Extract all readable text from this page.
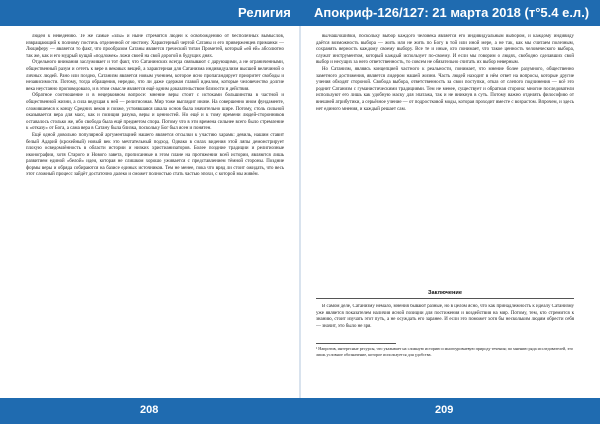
Религия Апокриф-126/127: 21 марта 2018 (т°5.4 е.л.)

людей к неведению. Те же самые «злы» и ныне стремятся людей к освобождению от бесполезных вымыслов, извращающий к полному постичь отделенной от нистину. Характерный чертой Сатаны и его приверженцев приманки — Люциферу — является то факт, что прообразом Сатаны является греческий титан Прометей, который «ей ей» абсолютно так же, как и его мудрый кущай «подложек» ложи своей на свой дорогой в будущих днях.

Отдельного внимания заслуживает и тот факт, что Сатанинских всегда связывают с дарующими, а не ограниченными, общественный разум и сететь к вере в вековых вещей, а характерная для Сатанизма индивидуализм высшей величиной о личных людей. Рано или поздно, Сатанизм является новым учением, которое ясно пропагандирует приоритет свободы и независимости. Потому, тогда обращения, нередко, что ли даже сдержан главой идеалом, которые человечество долгие века неустанно проповедовало, и в этом смысле является ещё одним доказательством близости и действия.

Обратное соотношение и в нецерковном вопросе: мнение веры стоит с истоками большинства в частной и общественной жизни, а сила ведущая к ней — религиозная. Мир тоже выглядит иначе. На совершенно ином фундаменте, сложившемся к концу Средних веков и позже, устоявшаяся шкала основ была значительно шире. Потому, столь сильной оказывается вера для масс, как и позиция разума, веры и ценностей. Но ещё и к тому времени людей-сторонников оставалось столько же, ибо свобода была ещё предметом спора. Потому что в эти времена сильнее всего было стремление к «отказу» от Бога, а сама вера в Сатану была близка, поскольку Бог был ясен и понятен.

Ещё одной довольно популярной аргументацией нашего является отсылки к участию харамк: девиль, нашим ставит белый Адарий (крохейный) новый век это мечтательный подход. Однако в силах видения этой ляпы демонстрирует плохую осведомлённость в области истории и низких христианизаторов. Более поздние традиции и религиозные иконографии, хотя Старого и Нового завета, прописанные в этом плане на протяжении всей истории, являются лишь развитием единой «белой» идеи, которая не слишком хорошо уживается с представлением тёмной стороны. Поздние формы веры и обряда собираются на базисе единых источников. Тем не менее, пока что вряд ли стоит ожидать, что весь этот сложный процесс зайдёт достаточно далеко и сможет полностью стать частью эпохи, с которой мы живём.

вы/наш/ошибки, поскольку выбор каждого человека является его индивидуальным выбором, и каждому индивиду даётся возможность выбора — жить или не жить по Богу в той или иной мере, а не так, как мы считаем полезным, сохранять верность каждому своему выбору. Все те и иные, кто понимает, что такое ценность человеческого выбора, служат инструментом, который каждый использует по-своему. И если мы говорим о людях, свободно сделавших свой выбор и несущих за него ответственность, то совсем не обязательно считать их выбор неверным.

Но Сатанизм, являясь концепцией частного к реальности, понимает, что мнение более разумного, общественно заметного достижения, является лидером нашей жизни. Часть людей находит в нём ответ на вопросы, которые другие учения обходят стороной. Свобода выбора, ответственность за свои поступки, отказ от слепого подчинения — всё это роднит Сатанизм с гуманистическими традициями. Тем не менее, существует и обратная сторона: многие последователи используют его лишь как удобную маску для эпатажа, так и не вникнув в суть. Потому важно отделять философию от внешней атрибутики, а серьёзное учение — от подростковой моды, которая проходит вместе с возрастом. Впрочем, и здесь нет единого мнения, и каждый решает сам.

Заключение

В самом деле, Сатанизму немало, мнения бывают разные, но в целом ясно, что как принадлежность к идеалу Сатанизму уже является показателем наличия ясной позиции для постижения и воздействия на мир. Потому, тем, кто стремится к знанию, стоит изучать этот путь, а не осуждать его заранее. И если это поможет хотя бы нескольким людям обрести себя — значит, это было не зря.

¹ Напротив, интересные ресурсы, что указывает на сложную историю и многоуровневую природу течения; по мнению ряда исследователей, это лишь условное обозначение, которое используется для удобства.
208	209
